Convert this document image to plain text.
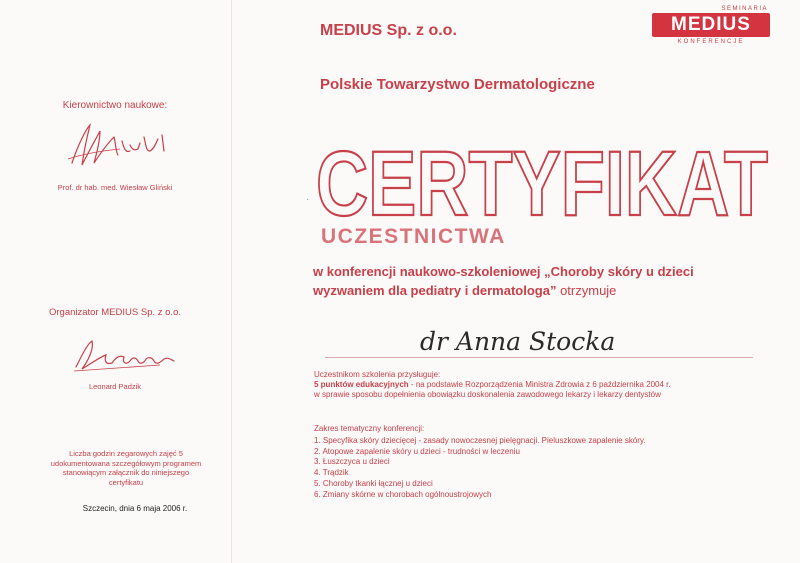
SEMINARIA
MEDIUS
KONFERENCJE
MEDIUS Sp. z o.o.
Polskie Towarzystwo Dermatologiczne
CERTYFIKAT
·
UCZESTNICTWA
w konferencji naukowo-szkoleniowej „Choroby skóry u dzieci wyzwaniem dla pediatry i dermatologa” otrzymuje
dr Anna Stocka
Uczestnikom szkolenia przysługuje:
5 punktów edukacyjnych - na podstawie Rozporządzenia Ministra Zdrowia z 6 października 2004 r.
w sprawie sposobu dopełnienia obowiązku doskonalenia zawodowego lekarzy i lekarzy dentystów
Zakres tematyczny konferencji:
1. Specyfika skóry dziecięcej - zasady nowoczesnej pielęgnacji. Pieluszkowe zapalenie skóry.
2. Atopowe zapalenie skóry u dzieci - trudności w leczeniu
3. Łuszczyca u dzieci
4. Trądzik
5. Choroby tkanki łącznej u dzieci
6. Zmiany skórne w chorobach ogólnoustrojowych
Kierownictwo naukowe:
Prof. dr hab. med. Wiesław Gliński
Organizator MEDIUS Sp. z o.o.
Leonard Padzik
Liczba godzin zegarowych zajęć 5 udokumentowana szczegółowym programem stanowiącym załącznik do niniejszego certyfikatu
Szczecin, dnia 6 maja 2006 r.
